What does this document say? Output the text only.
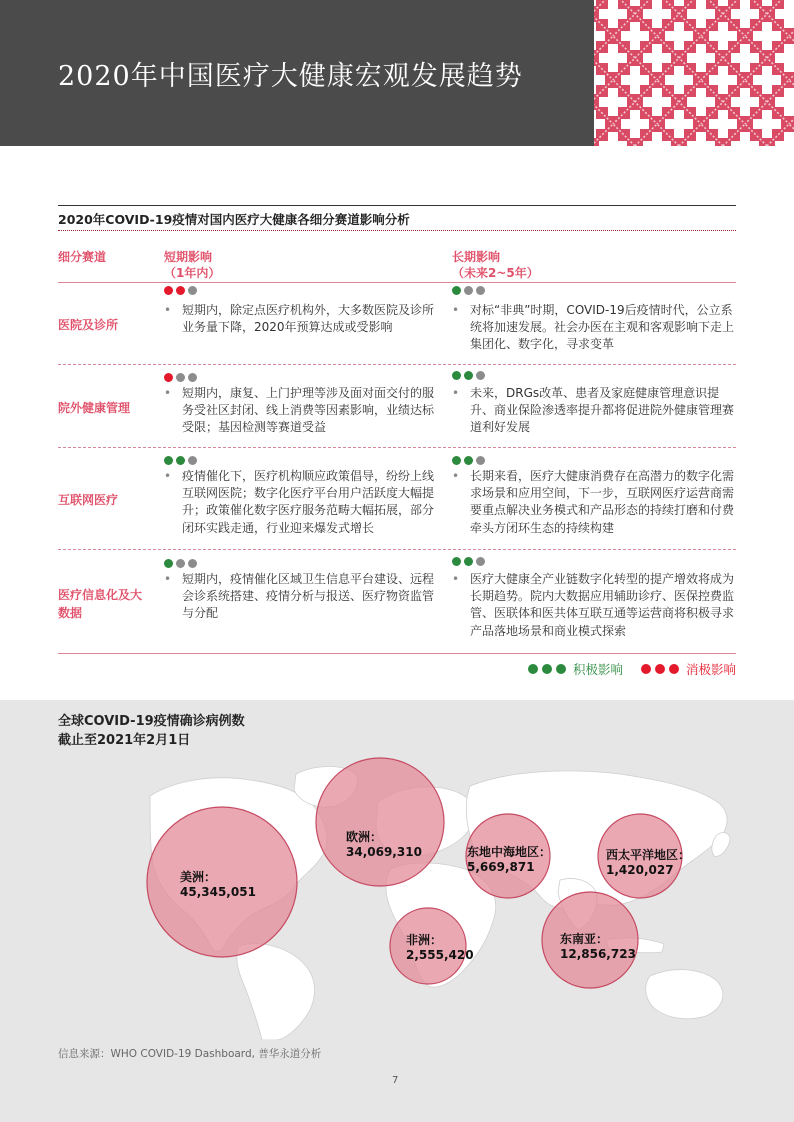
2020年中国医疗大健康宏观发展趋势
2020年COVID-19疫情对国内医疗大健康各细分赛道影响分析
细分赛道	短期影响
（1年内）
长期影响
（未来2~5年）
医院及诊所
• 短期内，除定点医疗机构外，大多数医院及诊所业务量下降，2020年预算达成或受影响
• 对标“非典”时期，COVID-19后疫情时代，公立系统将加速发展。社会办医在主观和客观影响下走上集团化、数字化，寻求变革
院外健康管理
• 短期内，康复、上门护理等涉及面对面交付的服务受社区封闭、线上消费等因素影响，业绩达标受限；基因检测等赛道受益
• 未来，DRGs改革、患者及家庭健康管理意识提升、商业保险渗透率提升都将促进院外健康管理赛道利好发展
互联网医疗
• 疫情催化下，医疗机构顺应政策倡导，纷纷上线互联网医院；数字化医疗平台用户活跃度大幅提升；政策催化数字医疗服务范畴大幅拓展，部分闭环实践走通，行业迎来爆发式增长
• 长期来看，医疗大健康消费存在高潜力的数字化需求场景和应用空间，下一步，互联网医疗运营商需要重点解决业务模式和产品形态的持续打磨和付费牵头方闭环生态的持续构建
医疗信息化及大数据
• 短期内，疫情催化区域卫生信息平台建设、远程会诊系统搭建、疫情分析与报送、医疗物资监管与分配
• 医疗大健康全产业链数字化转型的提产增效将成为长期趋势。院内大数据应用辅助诊疗、医保控费监管、医联体和医共体互联互通等运营商将积极寻求产品落地场景和商业模式探索
积极影响	消极影响
全球COVID-19疫情确诊病例数
截止至2021年2月1日
美洲：
45,345,051
欧洲：
34,069,310	东地中海地区：
5,669,871
西太平洋地区：
1,420,027
非洲：
2,555,420
东南亚：
12,856,723
信息来源：WHO COVID-19 Dashboard, 普华永道分析
7
